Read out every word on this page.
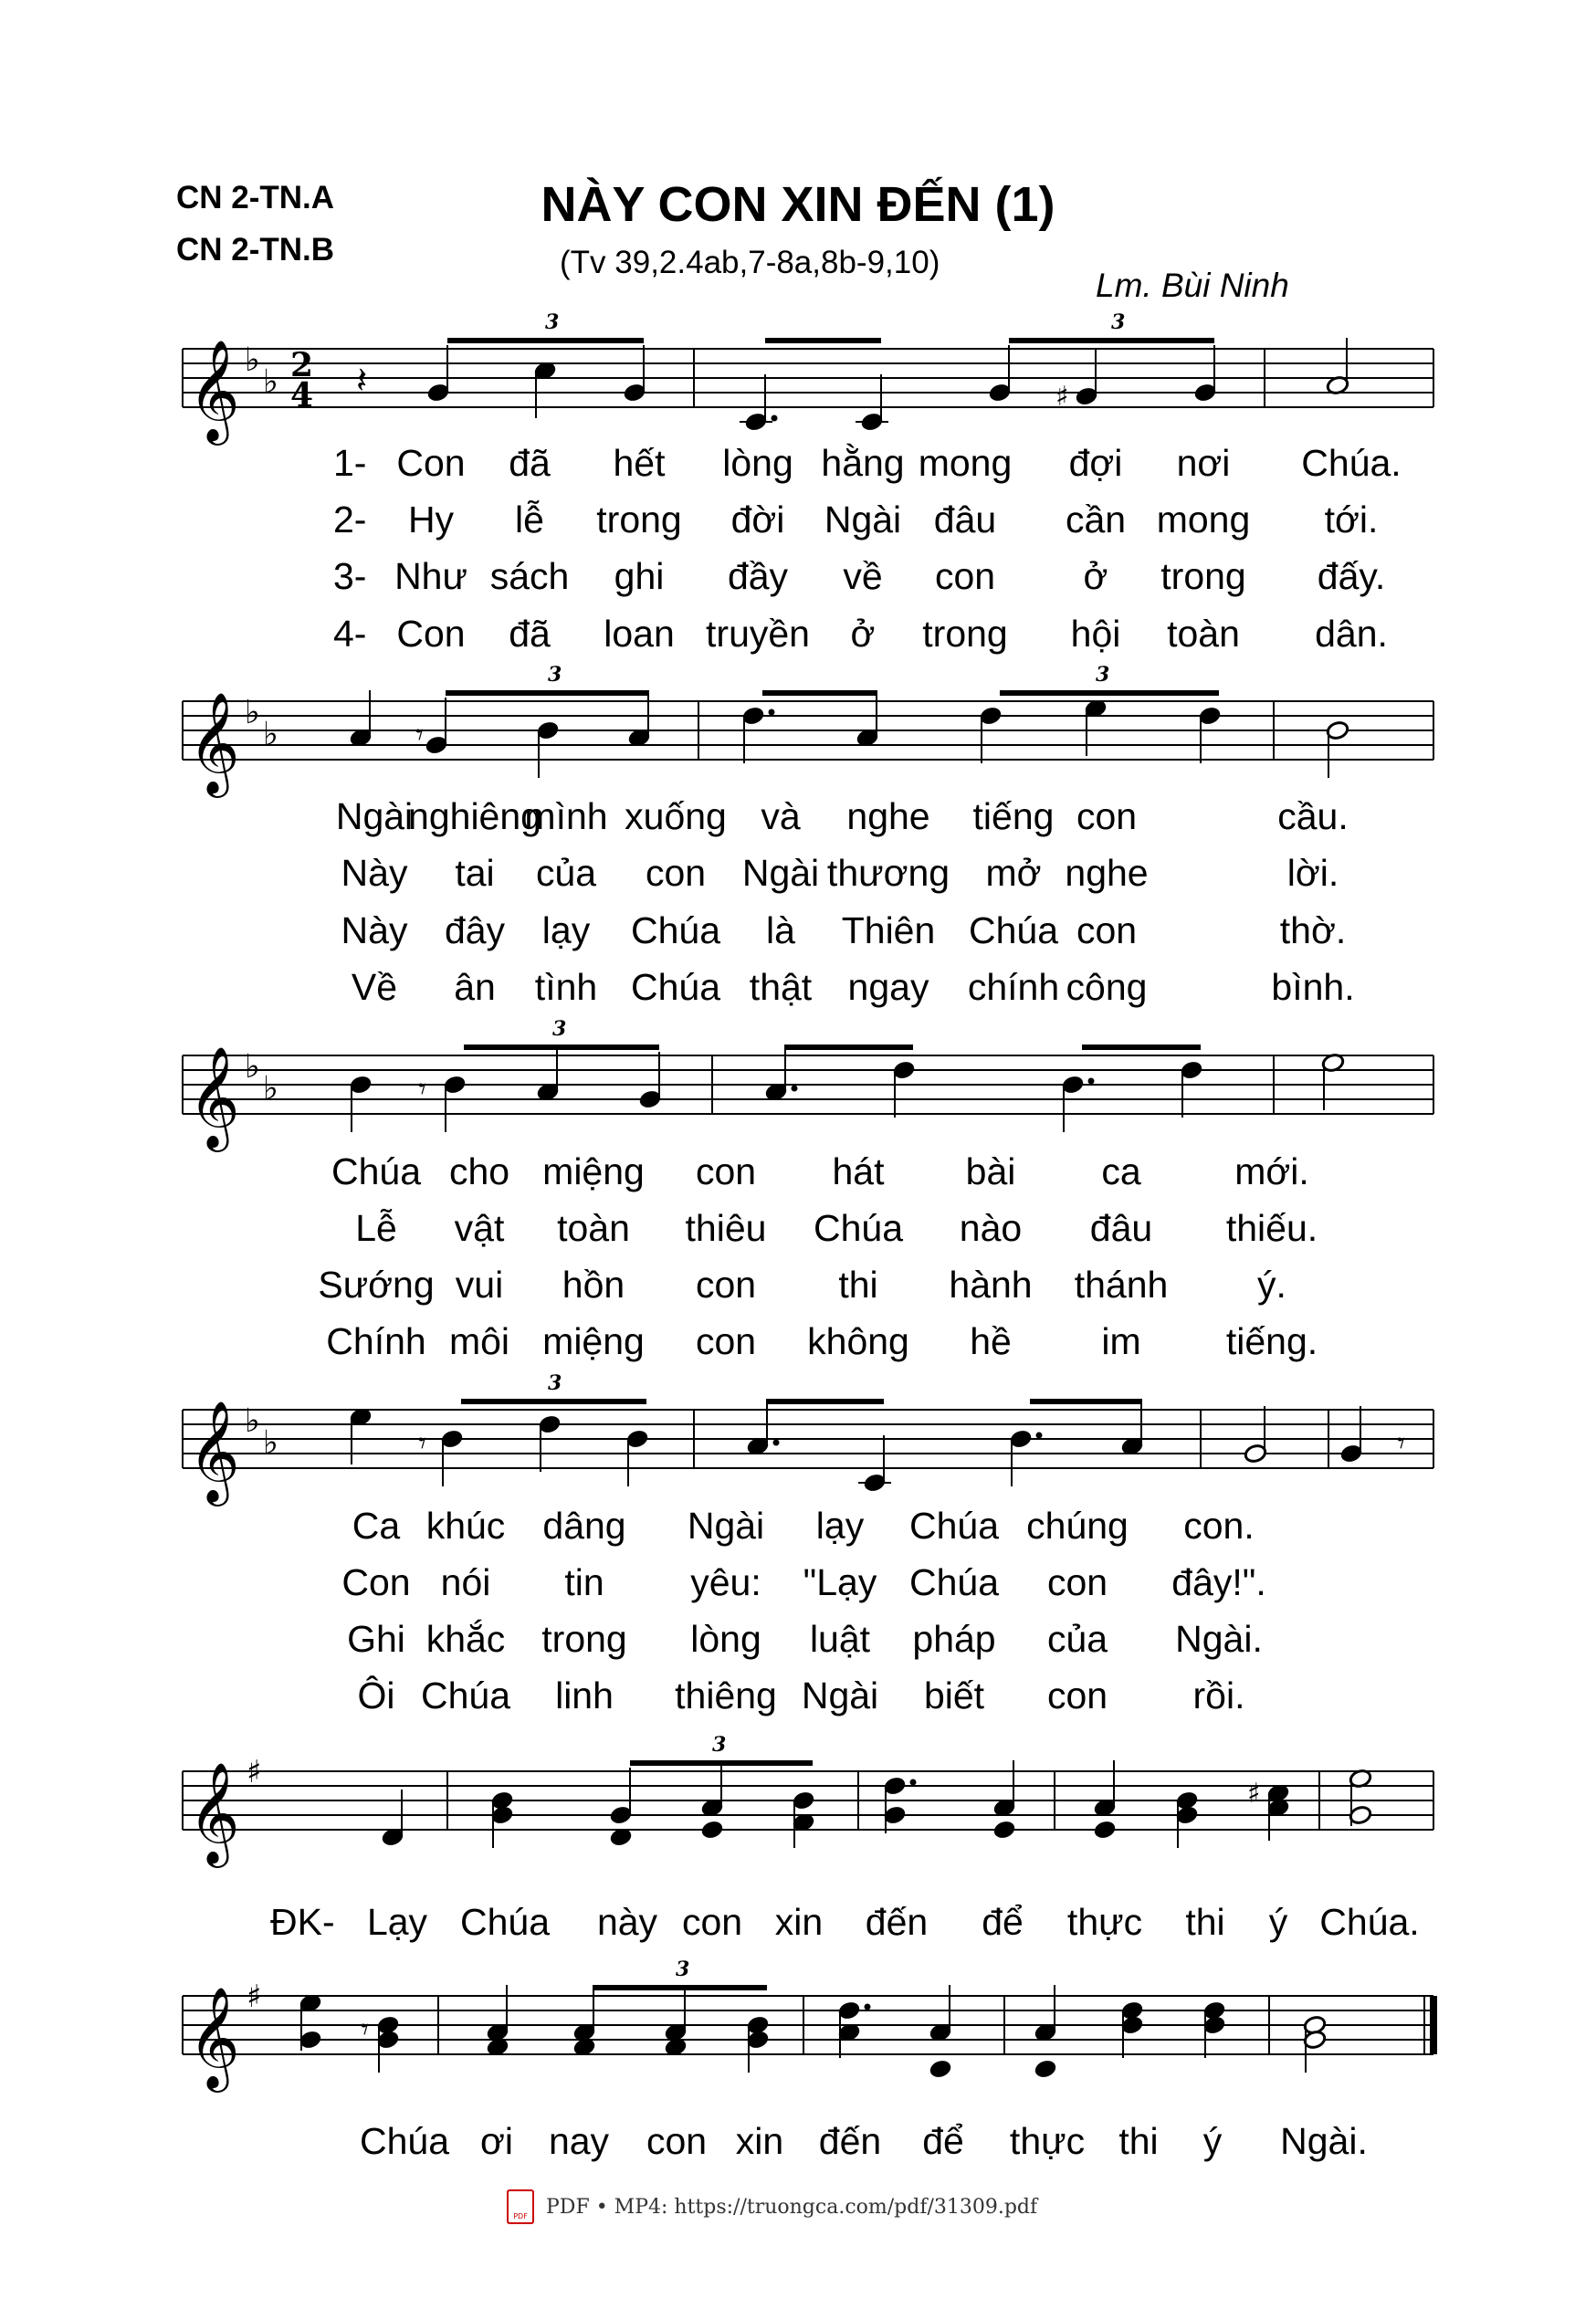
CN 2-TN.A
CN 2-TN.B
NÀY CON XIN ĐẾN (1)
(Tv 39,2.4ab,7-8a,8b-9,10)
Lm. Bùi Ninh
𝄞 ♭
♭ 2
4 𝄽	♯
3	3
𝄞 ♭
♭	𝄾
3	3
𝄞 ♭
♭	𝄾
3
𝄞 ♭
♭	𝄾	𝄾
3
𝄞 ♯
♯
3
𝄞 ♯
𝄾
3
1-
2-
3-
4-
Con đã hết lòng hằng mong đợi nơi Chúa.
Ngài
nghiêng
mình xuống và nghe tiếng con	cầu.
Chúa cho miệng con hát bài ca	mới.
Ca khúc dâng Ngài lạy Chúa chúng con.
Hy lễ trong đời Ngài đâu cần mong tới.
Này tai của con Ngài thương mở nghe	lời.
Lễ vật toàn thiêu Chúa nào đâu thiếu.
Con nói tin yêu: "Lạy Chúa con đây!".
Như sách ghi đầy về con ở trong đấy.
Này đây lạy Chúa là Thiên Chúa con	thờ.
Sướng vui hồn con thi hành thánh ý.
Ghi khắc trong lòng luật pháp của Ngài.
Con đã loan truyền ở trong hội toàn dân.
Về ân tình Chúa thật ngay chính công	bình.
Chính môi miệng con không hề im tiếng.
Ôi Chúa linh thiêng Ngài biết con rồi.
ĐK- Lạy Chúa này con xin đến để thực thi ý Chúa.
Chúa ơi nay con xin đến để thực thi ý Ngài.
PDF PDF • MP4: https://truongca.com/pdf/31309.pdf
